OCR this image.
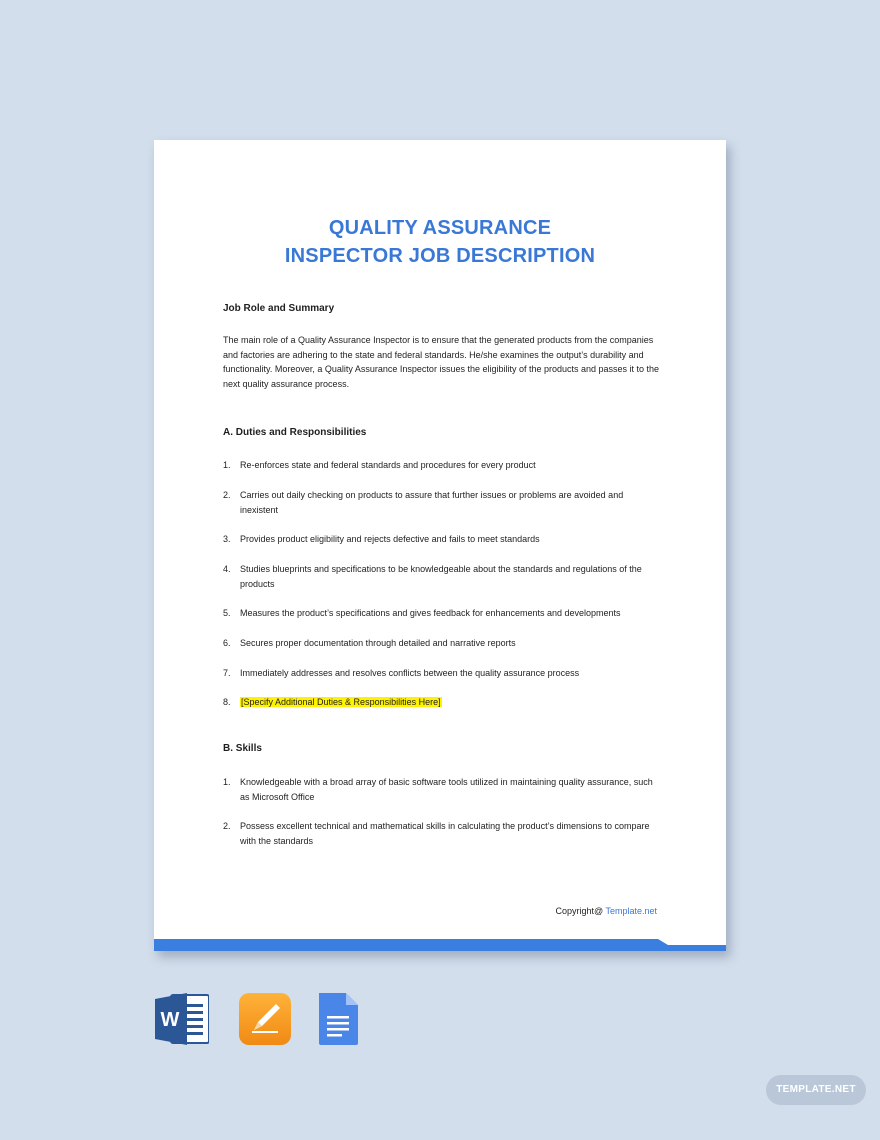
QUALITY ASSURANCE
INSPECTOR JOB DESCRIPTION
Job Role and Summary
The main role of a Quality Assurance Inspector is to ensure that the generated products from the companies and factories are adhering to the state and federal standards. He/she examines the output’s durability and functionality. Moreover, a Quality Assurance Inspector issues the eligibility of the products and passes it to the next quality assurance process.
A. Duties and Responsibilities
1.	Re-enforces state and federal standards and procedures for every product
2.	Carries out daily checking on products to assure that further issues or problems are avoided and inexistent
3.	Provides product eligibility and rejects defective and fails to meet standards
4.	Studies blueprints and specifications to be knowledgeable about the standards and regulations of the products
5.	Measures the product’s specifications and gives feedback for enhancements and developments
6.	Secures proper documentation through detailed and narrative reports
7.	Immediately addresses and resolves conflicts between the quality assurance process
8.	[Specify Additional Duties & Responsibilities Here]
B. Skills
1.	Knowledgeable with a broad array of basic software tools utilized in maintaining quality assurance, such as Microsoft Office
2.	Possess excellent technical and mathematical skills in calculating the product’s dimensions to compare with the standards
Copyright@ Template.net
W
TEMPLATE.NET
